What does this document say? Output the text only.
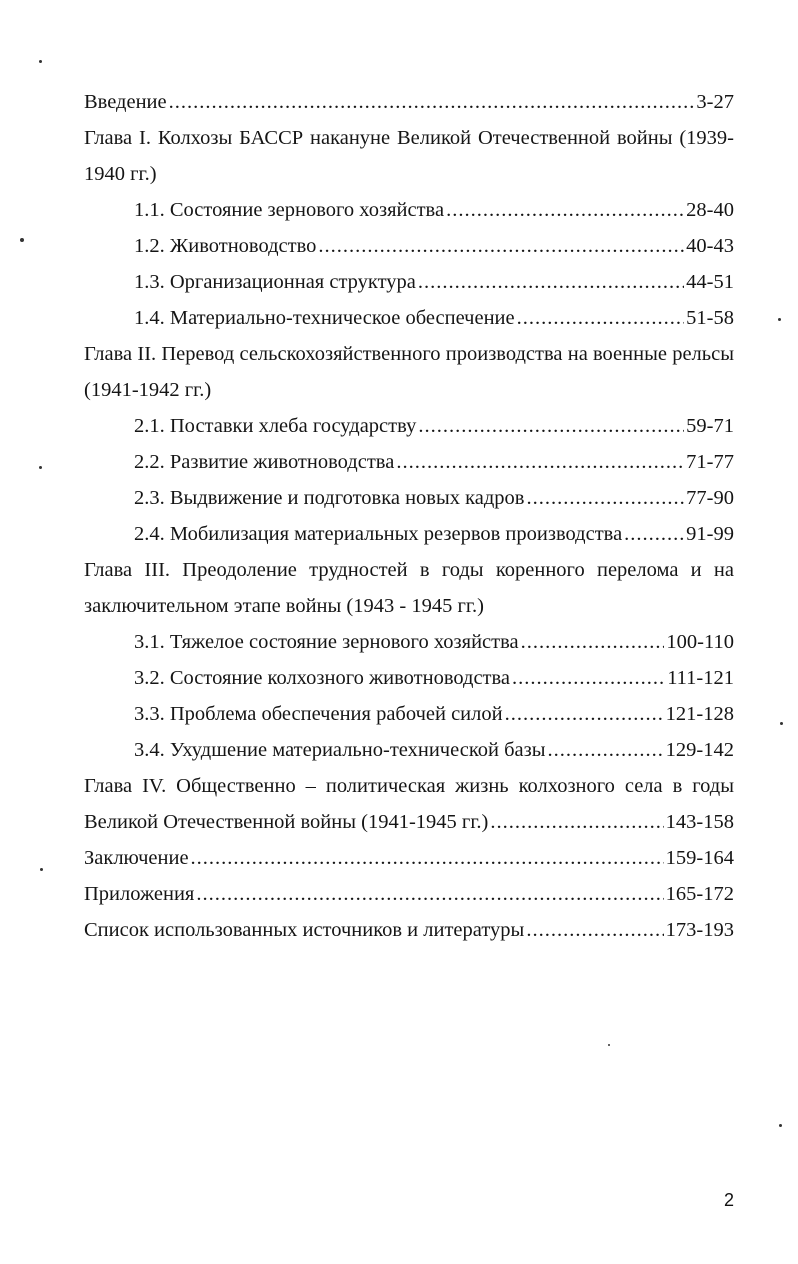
Введение .....	3-27

Глава I. Колхозы БАССР накануне Великой Отечественной войны (1939-1940 гг.)

1.1. Состояние зернового хозяйства .....	28-40
1.2. Животноводство .....	40-43
1.3. Организационная структура .....	44-51
1.4. Материально-техническое обеспечение .....	51-58

Глава II. Перевод сельскохозяйственного производства на военные рельсы (1941-1942 гг.)

2.1. Поставки хлеба государству .....	59-71
2.2. Развитие животноводства .....	71-77
2.3. Выдвижение и подготовка новых кадров .....	77-90
2.4. Мобилизация материальных резервов производства .....	91-99

Глава III. Преодоление трудностей в годы коренного перелома и на заключительном этапе войны (1943 - 1945 гг.)

3.1. Тяжелое состояние зернового хозяйства .....	100-110
3.2. Состояние колхозного животноводства .....	111-121
3.3. Проблема обеспечения рабочей силой .....	121-128
3.4. Ухудшение материально-технической базы .....	129-142

Глава IV. Общественно – политическая жизнь колхозного села в годы

Великой Отечественной войны (1941-1945 гг.) .....	143-158
Заключение .....	159-164
Приложения .....	165-172
Список использованных источников и литературы .....	173-193
2
